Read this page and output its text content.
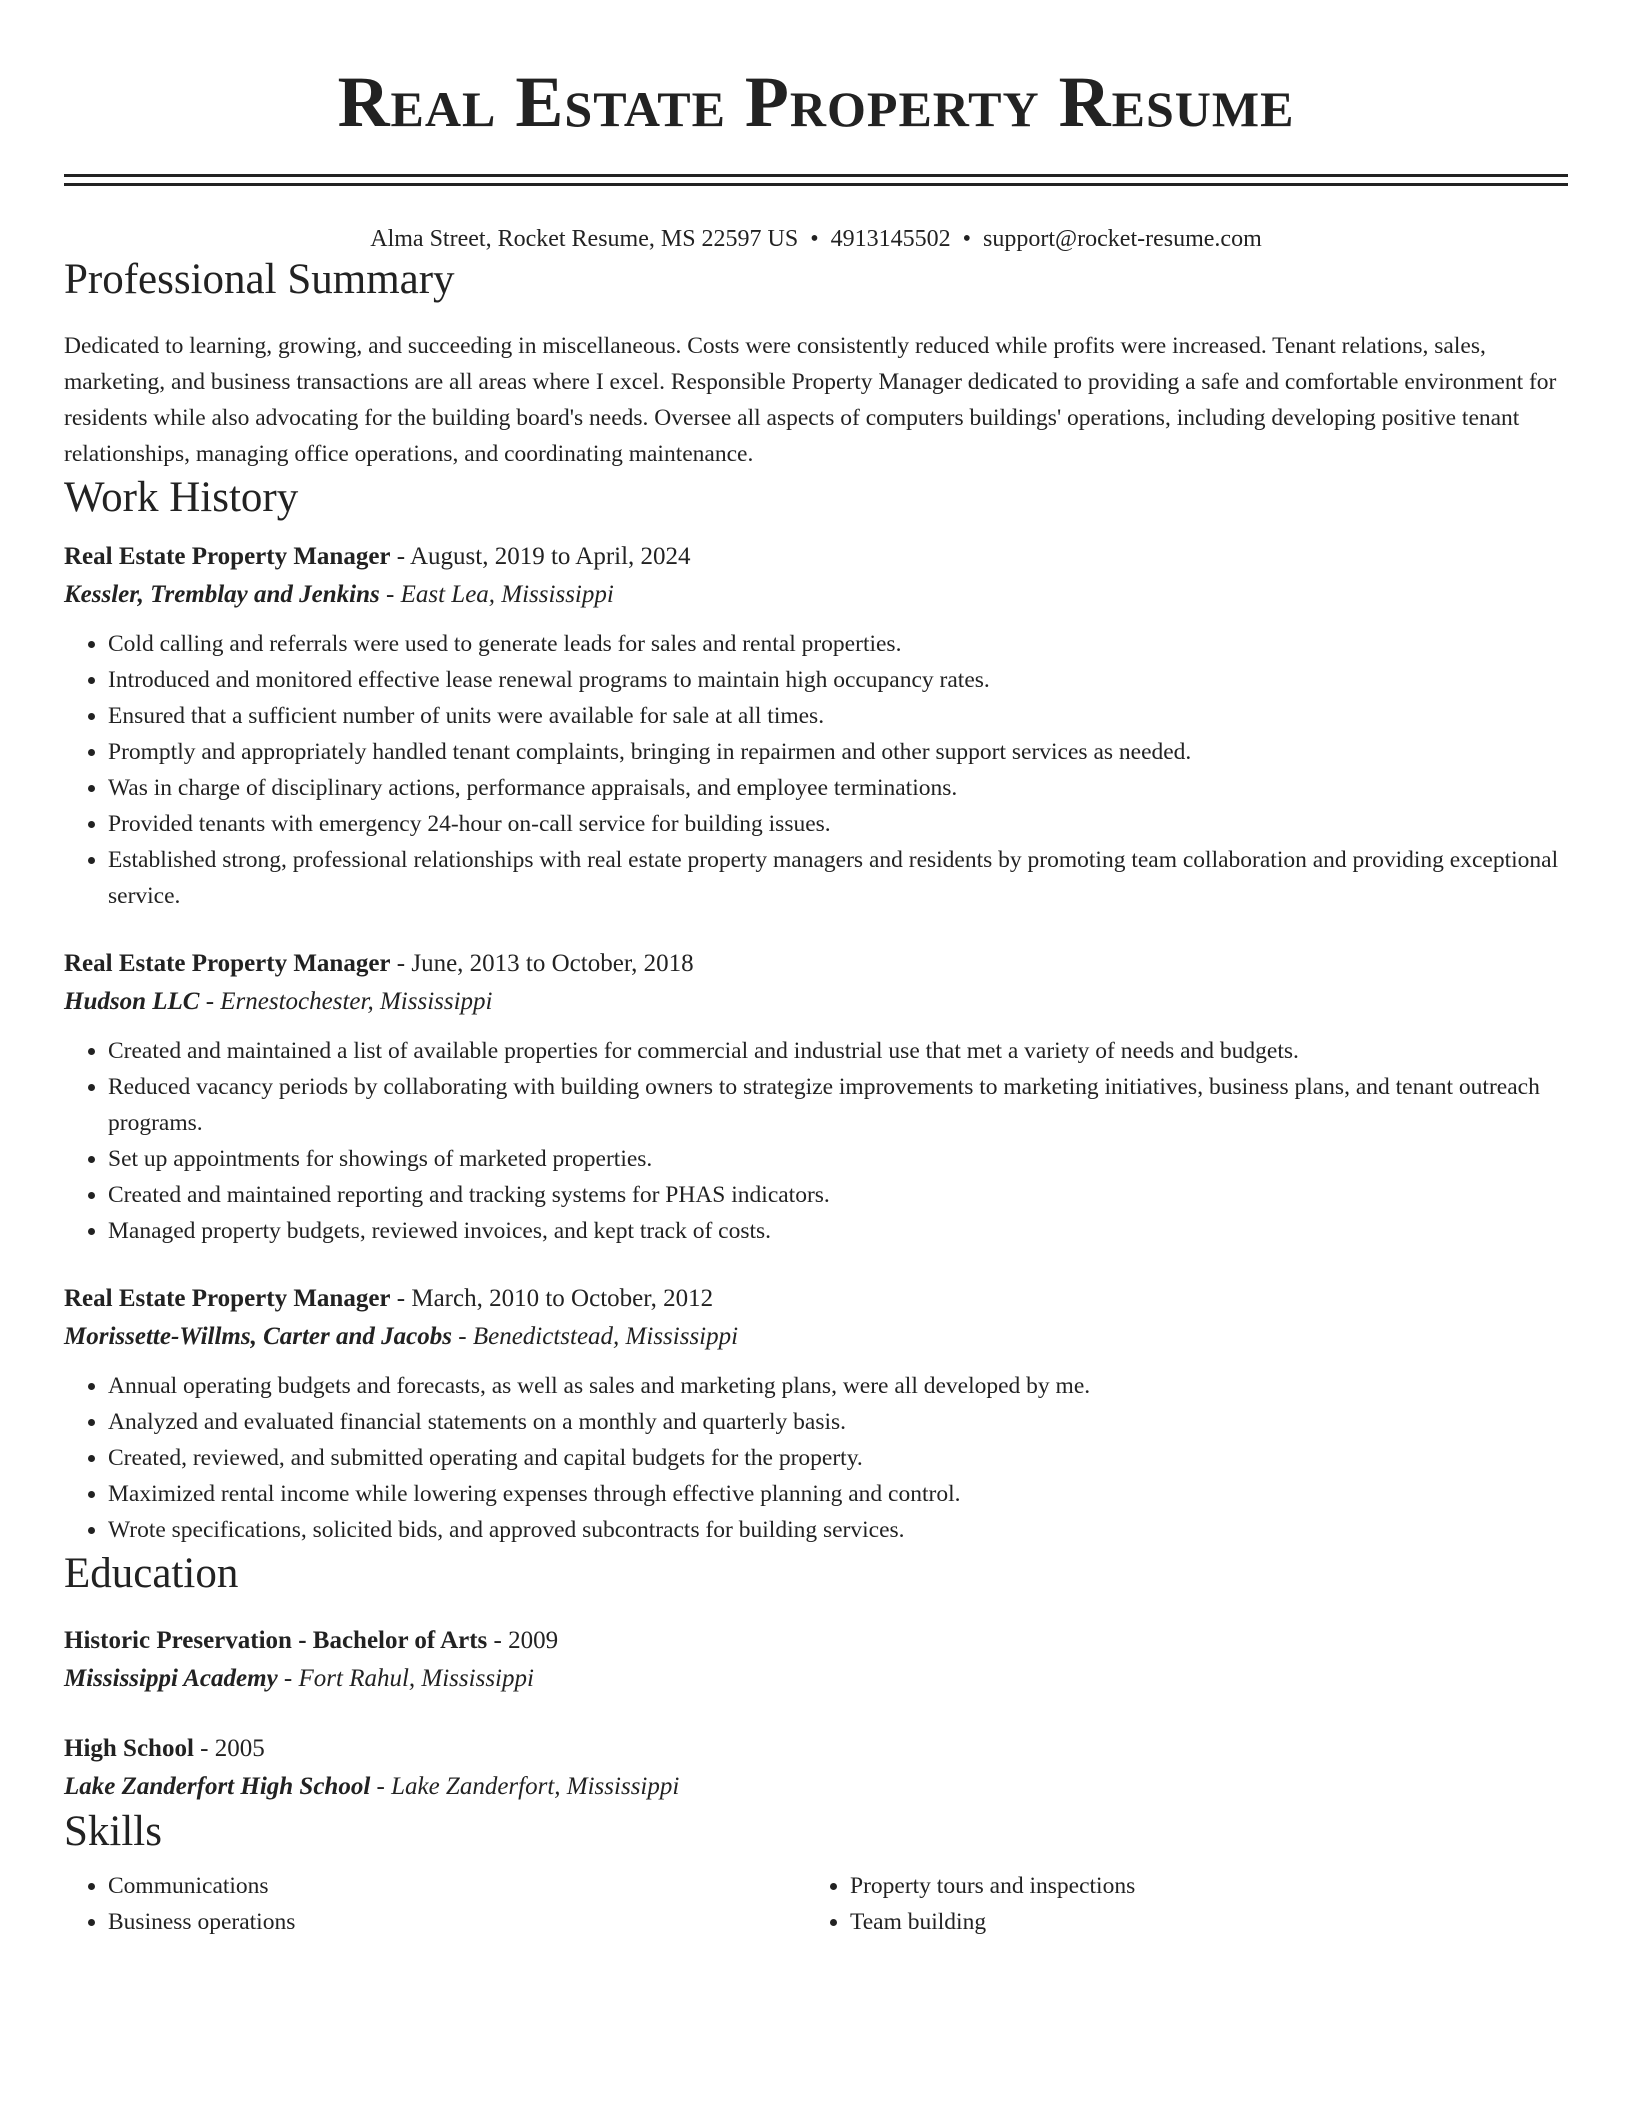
Real Estate Property Resume
Alma Street, Rocket Resume, MS 22597 US • 4913145502 • support@rocket-resume.com
Professional Summary
Dedicated to learning, growing, and succeeding in miscellaneous. Costs were consistently reduced while profits were increased. Tenant relations, sales, marketing, and business transactions are all areas where I excel. Responsible Property Manager dedicated to providing a safe and comfortable environment for residents while also advocating for the building board's needs. Oversee all aspects of computers buildings' operations, including developing positive tenant relationships, managing office operations, and coordinating maintenance.
Work History
Real Estate Property Manager - August, 2019 to April, 2024
Kessler, Tremblay and Jenkins - East Lea, Mississippi
• Cold calling and referrals were used to generate leads for sales and rental properties.
• Introduced and monitored effective lease renewal programs to maintain high occupancy rates.
• Ensured that a sufficient number of units were available for sale at all times.
• Promptly and appropriately handled tenant complaints, bringing in repairmen and other support services as needed.
• Was in charge of disciplinary actions, performance appraisals, and employee terminations.
• Provided tenants with emergency 24-hour on-call service for building issues.
• Established strong, professional relationships with real estate property managers and residents by promoting team collaboration and providing exceptional service.
Real Estate Property Manager - June, 2013 to October, 2018
Hudson LLC - Ernestochester, Mississippi
• Created and maintained a list of available properties for commercial and industrial use that met a variety of needs and budgets.
• Reduced vacancy periods by collaborating with building owners to strategize improvements to marketing initiatives, business plans, and tenant outreach programs.
• Set up appointments for showings of marketed properties.
• Created and maintained reporting and tracking systems for PHAS indicators.
• Managed property budgets, reviewed invoices, and kept track of costs.
Real Estate Property Manager - March, 2010 to October, 2012
Morissette-Willms, Carter and Jacobs - Benedictstead, Mississippi
• Annual operating budgets and forecasts, as well as sales and marketing plans, were all developed by me.
• Analyzed and evaluated financial statements on a monthly and quarterly basis.
• Created, reviewed, and submitted operating and capital budgets for the property.
• Maximized rental income while lowering expenses through effective planning and control.
• Wrote specifications, solicited bids, and approved subcontracts for building services.
Education
Historic Preservation - Bachelor of Arts - 2009
Mississippi Academy - Fort Rahul, Mississippi
High School - 2005
Lake Zanderfort High School - Lake Zanderfort, Mississippi
Skills
• Communications
• Business operations
• Property tours and inspections
• Team building
